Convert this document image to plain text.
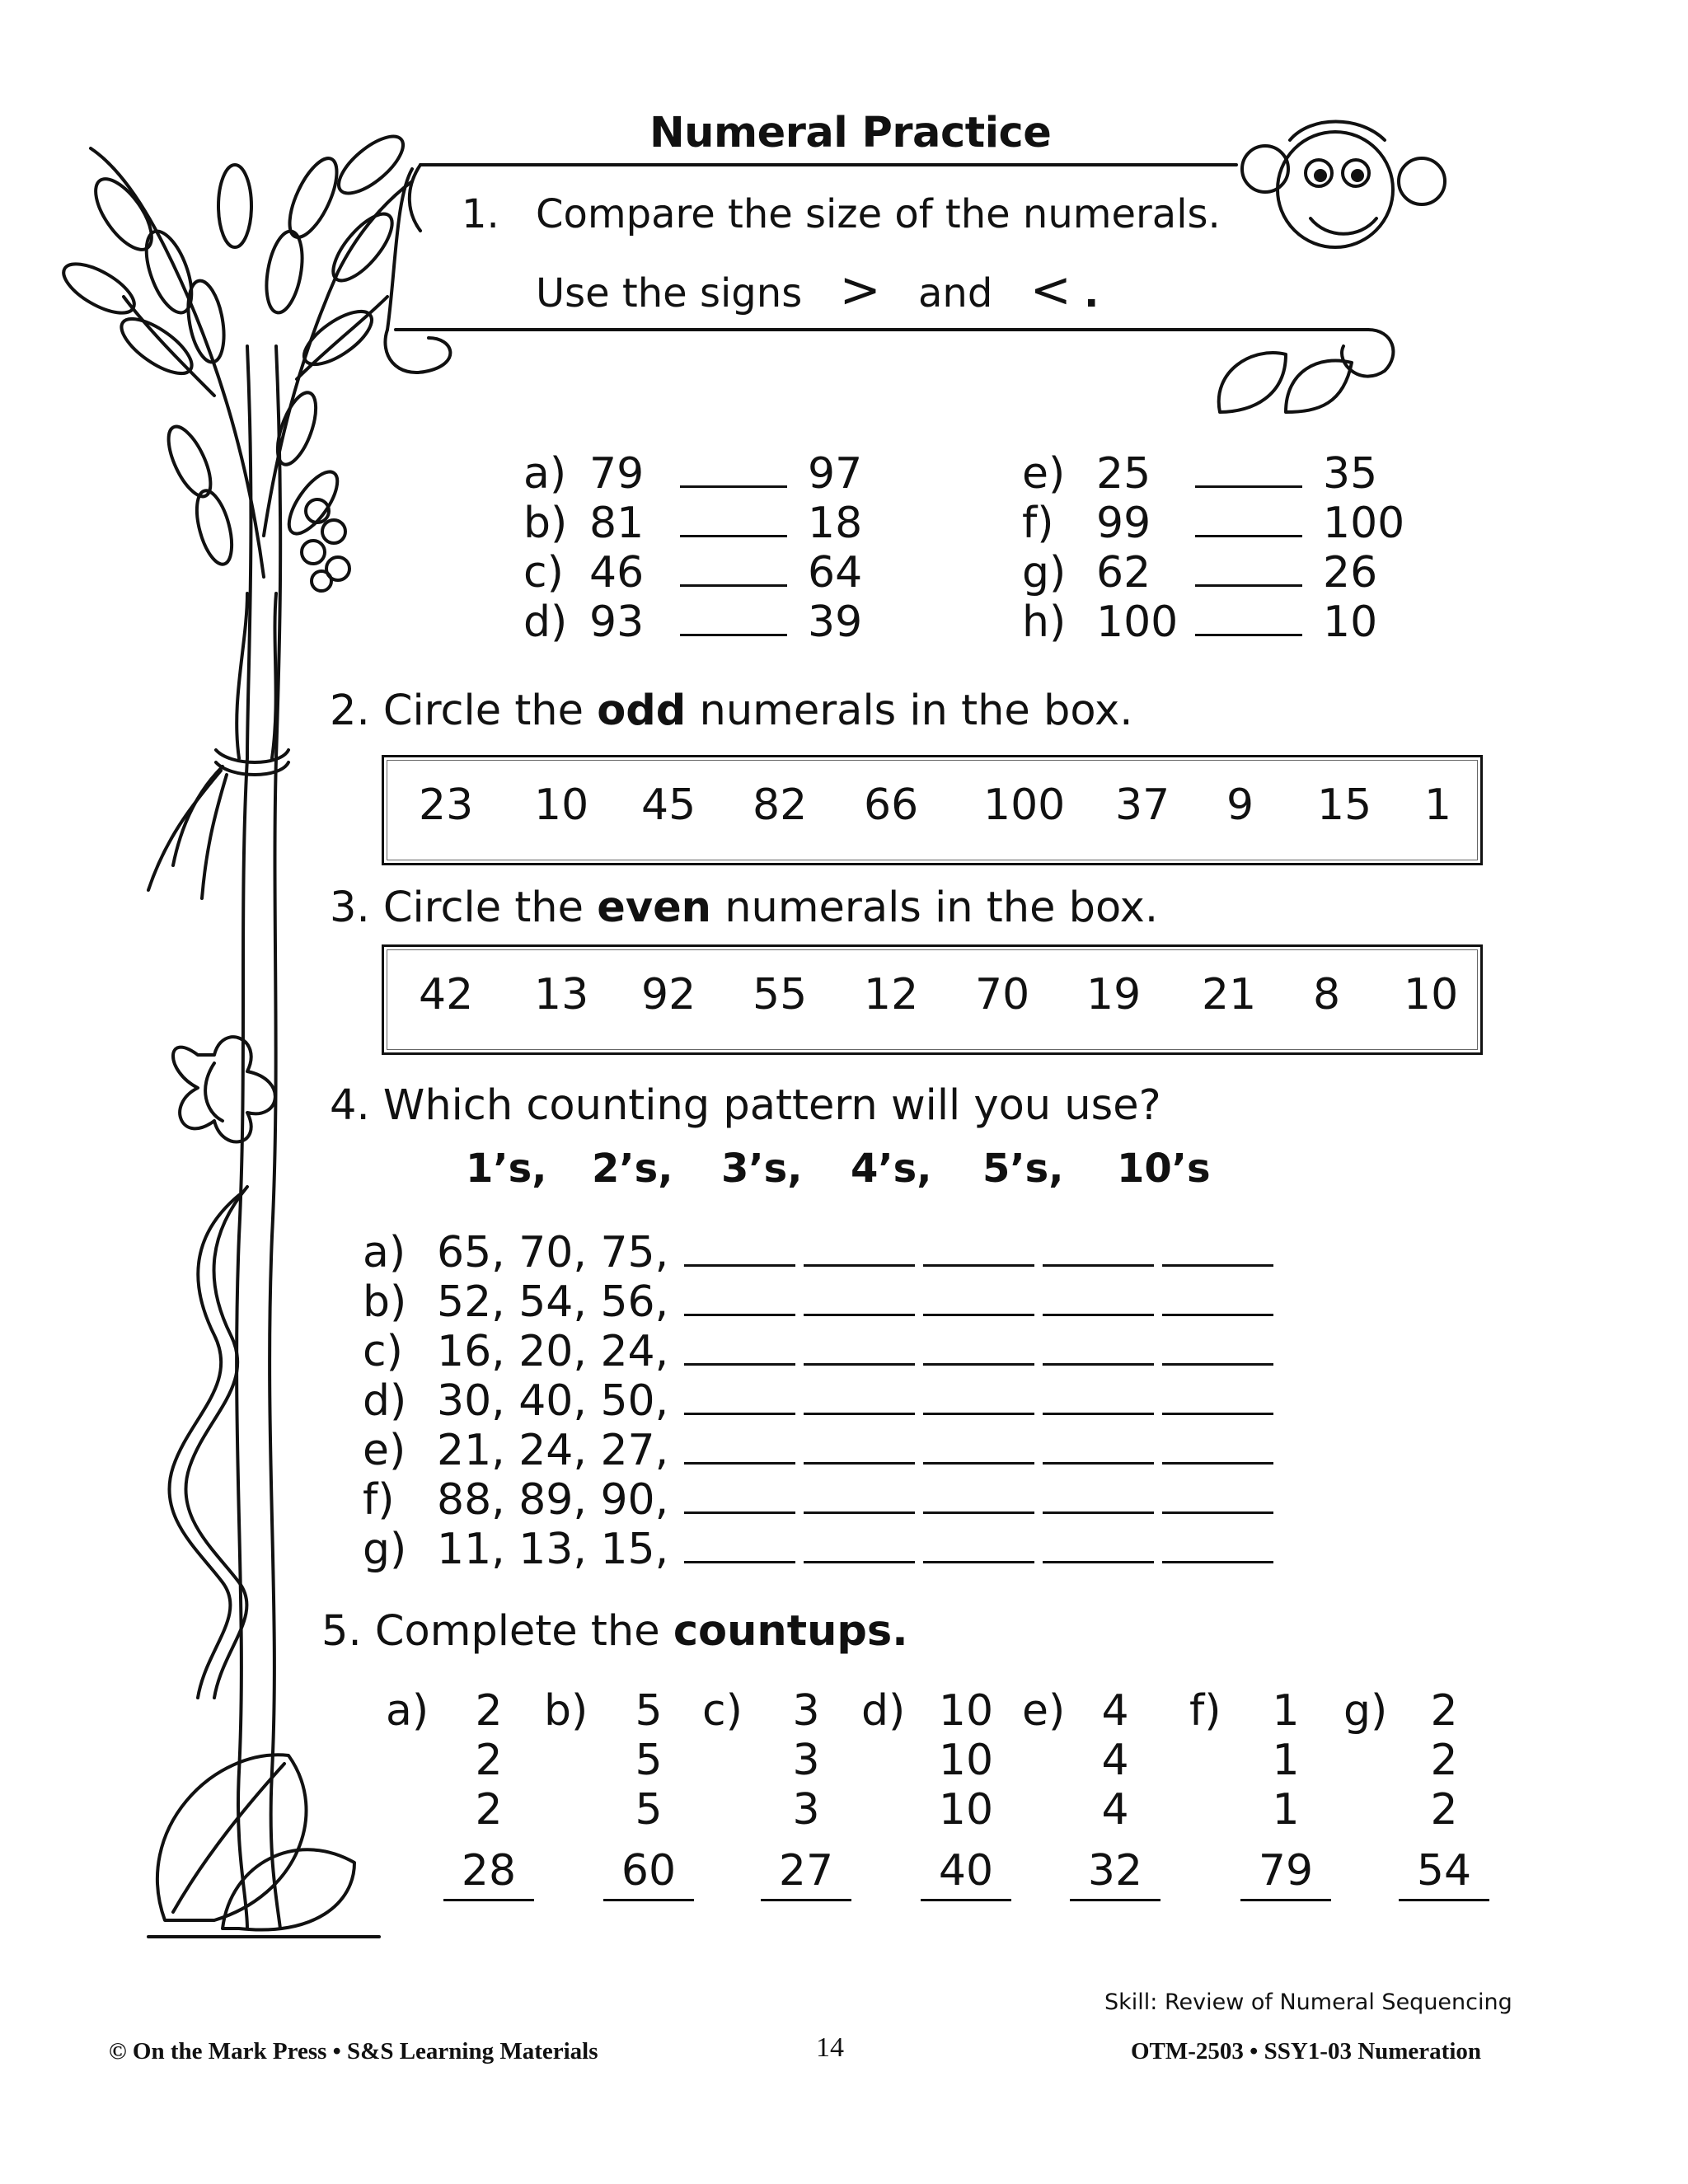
Numeral Practice
1. Compare the size of the numerals.
Use the signs > and < .
a) 79	97
b) 81	18
c) 46	64
d) 93	39
e) 25	35
f) 99	100
g) 62	26
h) 100	10
2. Circle the odd numerals in the box.
23 10 45 82 66 100 37 9 15 1
3. Circle the even numerals in the box.
42 13 92 55 12 70 19 21 8 10
4. Which counting pattern will you use?
1’s, 2’s, 3’s, 4’s, 5’s, 10’s
a) 65, 70, 75,
b) 52, 54, 56,
c) 16, 20, 24,
d) 30, 40, 50,
e) 21, 24, 27,
f) 88, 89, 90,
g) 11, 13, 15,
5. Complete the countups.
a)	2
2
2
28
b)	5
5
5
60
c)	3
3
3
27
d) 10
10
10
40
e) 4
4
4
32
f)	1
1
1
79
g)	2
2
2
54
Skill: Review of Numeral Sequencing
© On the Mark Press • S&S Learning Materials	14	OTM-2503 • SSY1-03 Numeration
